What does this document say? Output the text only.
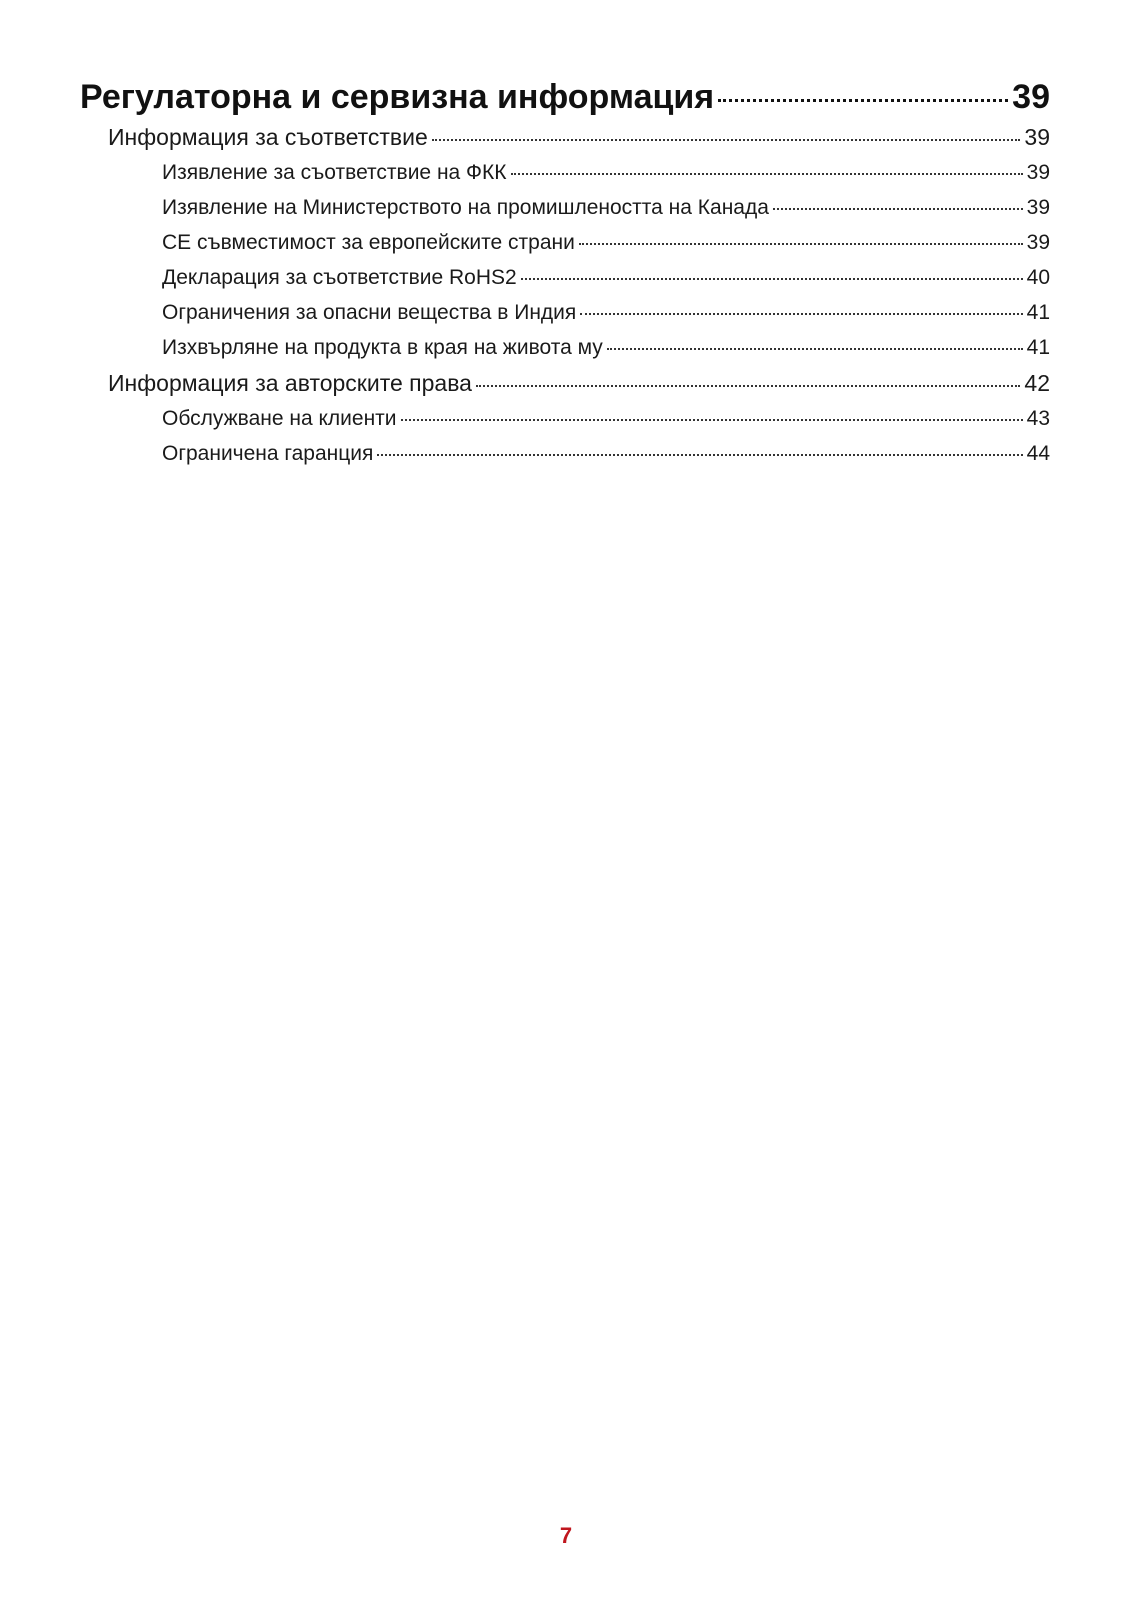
Регулаторна и сервизна информация	39
Информация за съответствие	39
Изявление за съответствие на ФКК	39
Изявление на Министерството на промишлеността на Канада	39
CE съвместимост за европейските страни	39
Декларация за съответствие RoHS2	40
Ограничения за опасни вещества в Индия	41
Изхвърляне на продукта в края на живота му	41
Информация за авторските права	42
Обслужване на клиенти	43
Ограничена гаранция	44
7
